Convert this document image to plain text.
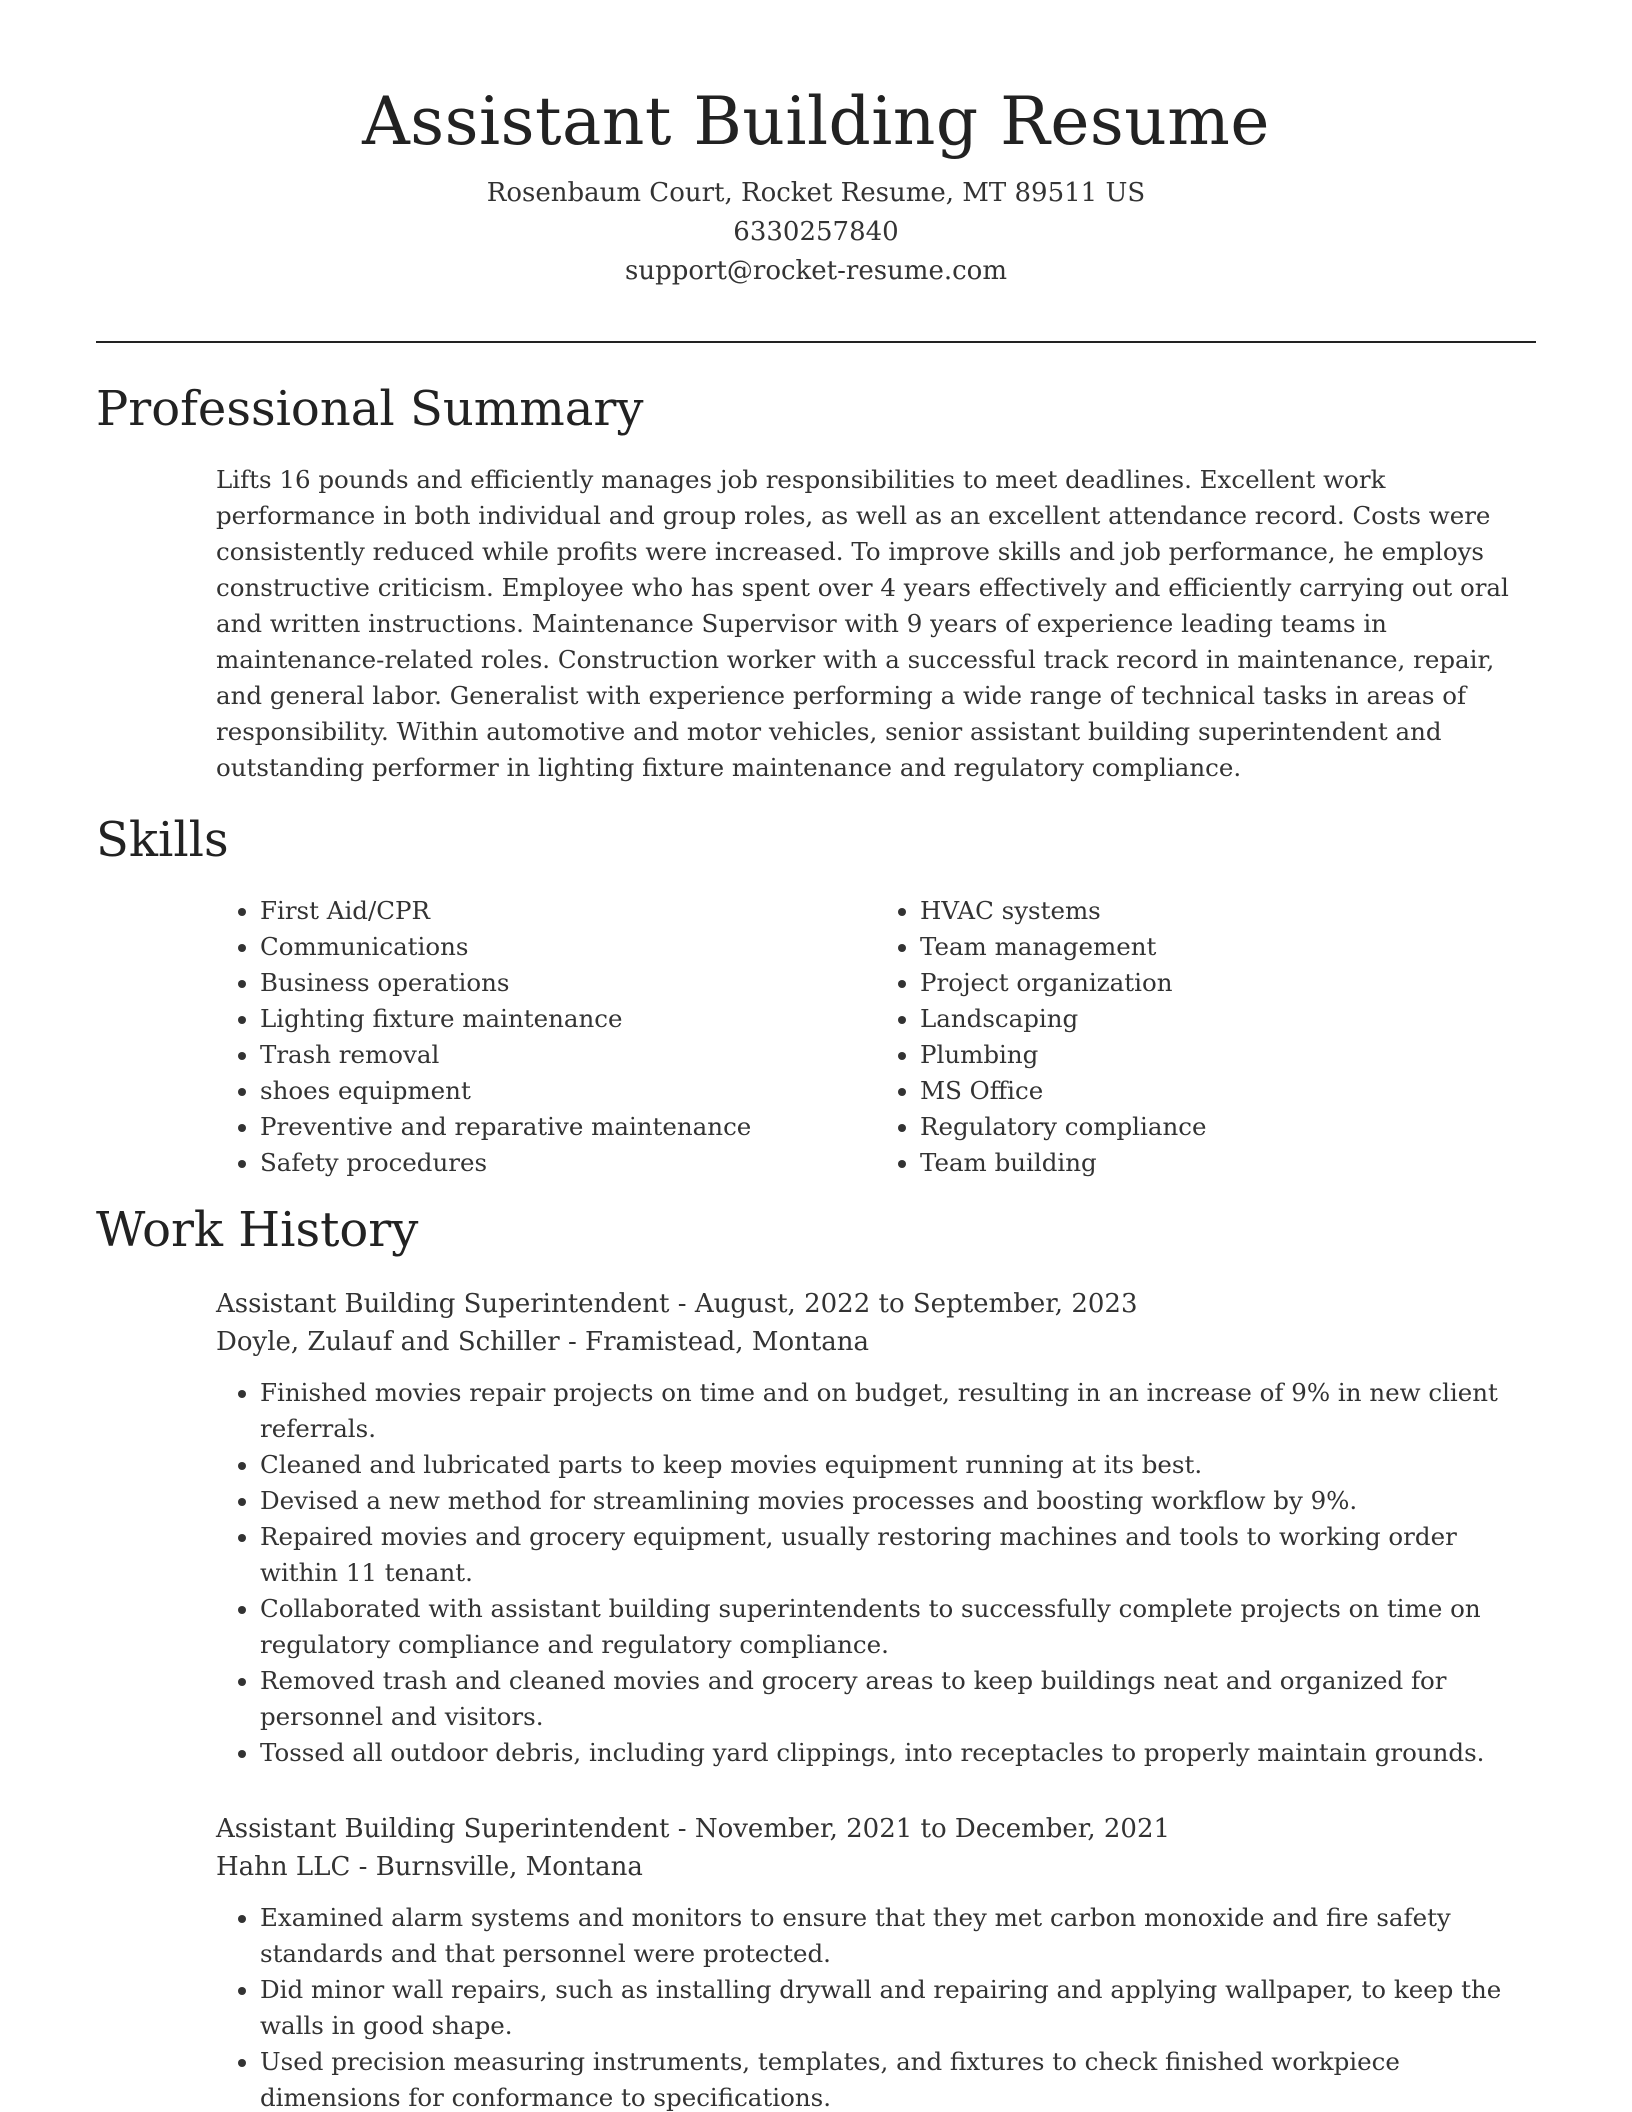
Assistant Building Resume
Rosenbaum Court, Rocket Resume, MT 89511 US
6330257840
support@rocket-resume.com
Professional Summary
Lifts 16 pounds and efficiently manages job responsibilities to meet deadlines. Excellent work performance in both individual and group roles, as well as an excellent attendance record. Costs were consistently reduced while profits were increased. To improve skills and job performance, he employs constructive criticism. Employee who has spent over 4 years effectively and efficiently carrying out oral and written instructions. Maintenance Supervisor with 9 years of experience leading teams in maintenance-related roles. Construction worker with a successful track record in maintenance, repair, and general labor. Generalist with experience performing a wide range of technical tasks in areas of responsibility. Within automotive and motor vehicles, senior assistant building superintendent and outstanding performer in lighting fixture maintenance and regulatory compliance.
Skills
• First Aid/CPR
• Communications
• Business operations
• Lighting fixture maintenance
• Trash removal
• shoes equipment
• Preventive and reparative maintenance
• Safety procedures
• HVAC systems
• Team management
• Project organization
• Landscaping
• Plumbing
• MS Office
• Regulatory compliance
• Team building
Work History
Assistant Building Superintendent - August, 2022 to September, 2023
Doyle, Zulauf and Schiller - Framistead, Montana
• Finished movies repair projects on time and on budget, resulting in an increase of 9% in new client referrals.
• Cleaned and lubricated parts to keep movies equipment running at its best.
• Devised a new method for streamlining movies processes and boosting workflow by 9%.
• Repaired movies and grocery equipment, usually restoring machines and tools to working order within 11 tenant.
• Collaborated with assistant building superintendents to successfully complete projects on time on regulatory compliance and regulatory compliance.
• Removed trash and cleaned movies and grocery areas to keep buildings neat and organized for personnel and visitors.
• Tossed all outdoor debris, including yard clippings, into receptacles to properly maintain grounds.
Assistant Building Superintendent - November, 2021 to December, 2021
Hahn LLC - Burnsville, Montana
• Examined alarm systems and monitors to ensure that they met carbon monoxide and fire safety standards and that personnel were protected.
• Did minor wall repairs, such as installing drywall and repairing and applying wallpaper, to keep the walls in good shape.
• Used precision measuring instruments, templates, and fixtures to check finished workpiece dimensions for conformance to specifications.
